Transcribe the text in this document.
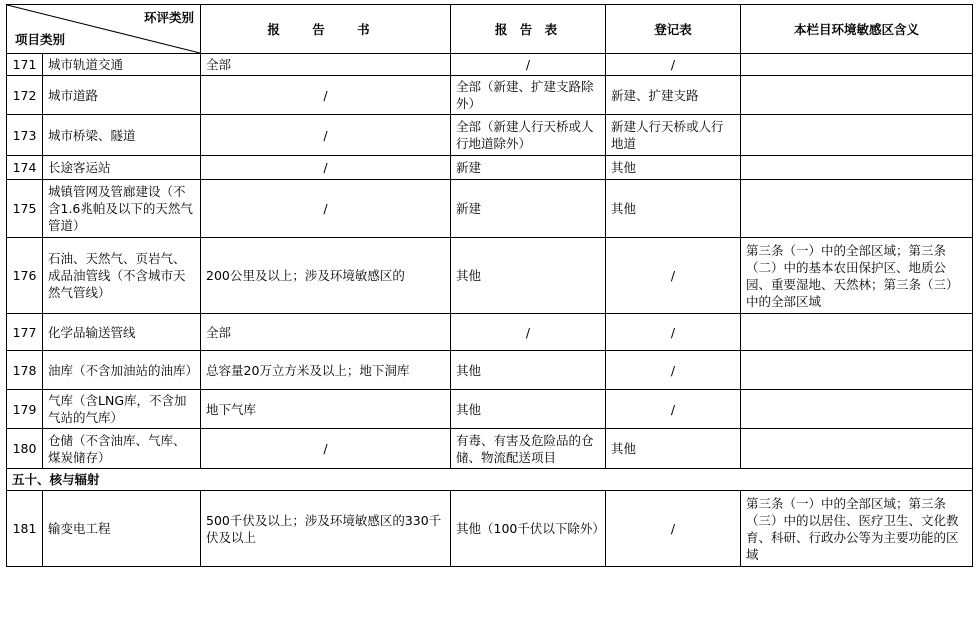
环评类别
项目类别		报 告 书	报 告 表	登记表	本栏目环境敏感区含义
171	城市轨道交通	全部	/	/	
172	城市道路	/	全部（新建、扩建支路除外）	新建、扩建支路	
173	城市桥梁、隧道	/	全部（新建人行天桥或人行地道除外）	新建人行天桥或人行地道	
174	长途客运站	/	新建	其他	
175	城镇管网及管廊建设（不含1.6兆帕及以下的天然气管道）	/	新建	其他	
176	石油、天然气、页岩气、成品油管线（不含城市天然气管线）	200公里及以上；涉及环境敏感区的	其他	/	第三条（一）中的全部区域；第三条（二）中的基本农田保护区、地质公园、重要湿地、天然林；第三条（三）中的全部区域
177	化学品输送管线	全部	/	/	
178	油库（不含加油站的油库）	总容量20万立方米及以上；地下洞库	其他	/	
179	气库（含LNG库，不含加气站的气库）	地下气库	其他	/	
180	仓储（不含油库、气库、煤炭储存）	/	有毒、有害及危险品的仓储、物流配送项目	其他	
五十、核与辐射					
181	输变电工程	500千伏及以上；涉及环境敏感区的330千伏及以上	其他（100千伏以下除外）	/	第三条（一）中的全部区域；第三条（三）中的以居住、医疗卫生、文化教育、科研、行政办公等为主要功能的区域
